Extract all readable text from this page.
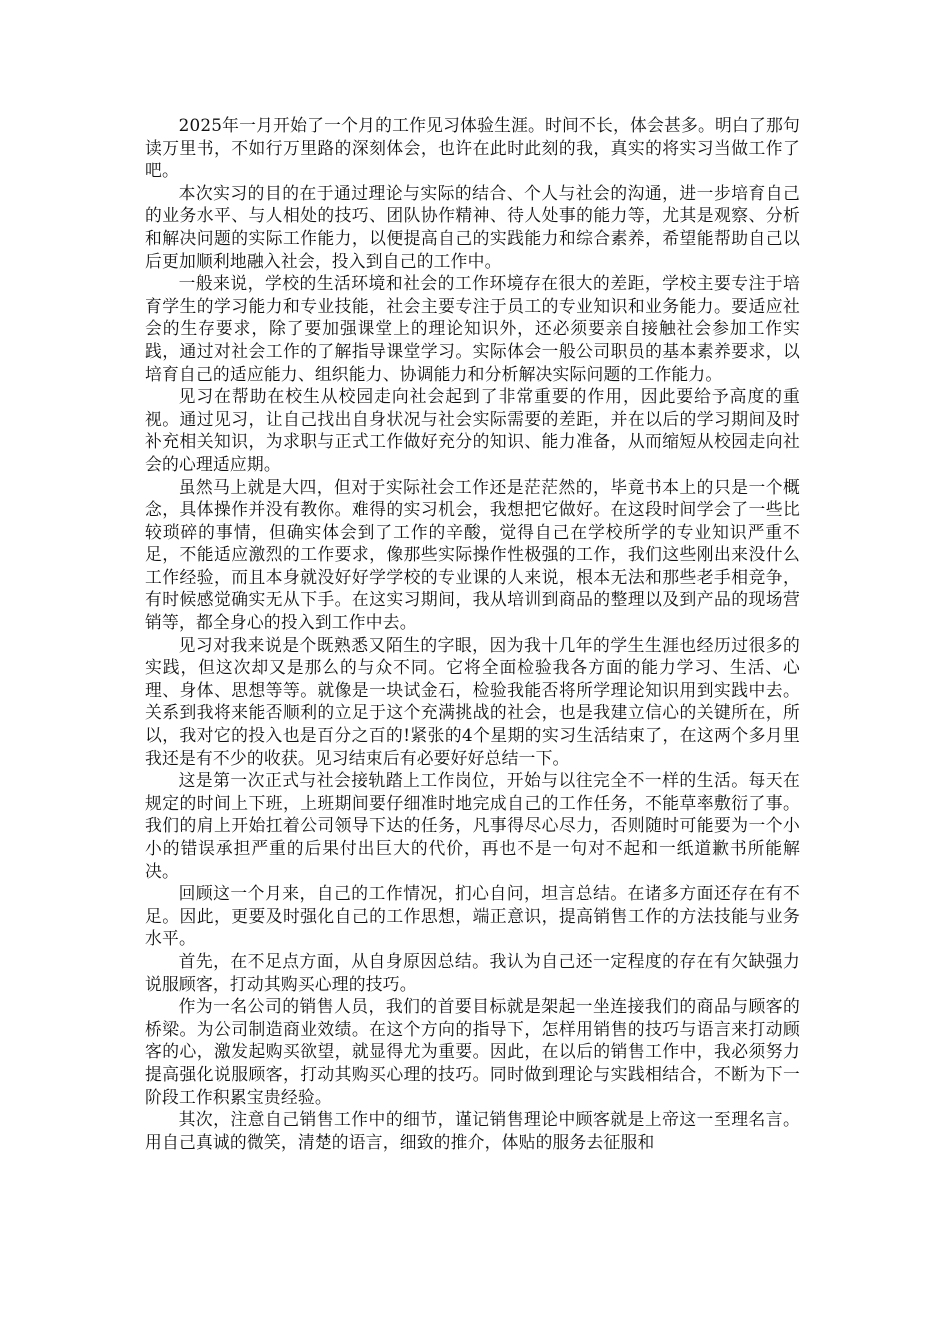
2025年一月开始了一个月的工作见习体验生涯。时间不长，体会甚多。明白了那句读万里书，不如行万里路的深刻体会，也许在此时此刻的我，真实的将实习当做工作了吧。

本次实习的目的在于通过理论与实际的结合、个人与社会的沟通，进一步培育自己的业务水平、与人相处的技巧、团队协作精神、待人处事的能力等，尤其是观察、分析和解决问题的实际工作能力，以便提高自己的实践能力和综合素养，希望能帮助自己以后更加顺利地融入社会，投入到自己的工作中。

一般来说，学校的生活环境和社会的工作环境存在很大的差距，学校主要专注于培育学生的学习能力和专业技能，社会主要专注于员工的专业知识和业务能力。要适应社会的生存要求，除了要加强课堂上的理论知识外，还必须要亲自接触社会参加工作实践，通过对社会工作的了解指导课堂学习。实际体会一般公司职员的基本素养要求，以培育自己的适应能力、组织能力、协调能力和分析解决实际问题的工作能力。

见习在帮助在校生从校园走向社会起到了非常重要的作用，因此要给予高度的重视。通过见习，让自己找出自身状况与社会实际需要的差距，并在以后的学习期间及时补充相关知识，为求职与正式工作做好充分的知识、能力准备，从而缩短从校园走向社会的心理适应期。

虽然马上就是大四，但对于实际社会工作还是茫茫然的，毕竟书本上的只是一个概念，具体操作并没有教你。难得的实习机会，我想把它做好。在这段时间学会了一些比较琐碎的事情，但确实体会到了工作的辛酸，觉得自己在学校所学的专业知识严重不足，不能适应激烈的工作要求，像那些实际操作性极强的工作，我们这些刚出来没什么工作经验，而且本身就没好好学学校的专业课的人来说，根本无法和那些老手相竞争，有时候感觉确实无从下手。在这实习期间，我从培训到商品的整理以及到产品的现场营销等，都全身心的投入到工作中去。

见习对我来说是个既熟悉又陌生的字眼，因为我十几年的学生生涯也经历过很多的实践，但这次却又是那么的与众不同。它将全面检验我各方面的能力学习、生活、心理、身体、思想等等。就像是一块试金石，检验我能否将所学理论知识用到实践中去。关系到我将来能否顺利的立足于这个充满挑战的社会，也是我建立信心的关键所在，所以，我对它的投入也是百分之百的!紧张的4个星期的实习生活结束了，在这两个多月里我还是有不少的收获。见习结束后有必要好好总结一下。

这是第一次正式与社会接轨踏上工作岗位，开始与以往完全不一样的生活。每天在规定的时间上下班，上班期间要仔细准时地完成自己的工作任务，不能草率敷衍了事。我们的肩上开始扛着公司领导下达的任务，凡事得尽心尽力，否则随时可能要为一个小小的错误承担严重的后果付出巨大的代价，再也不是一句对不起和一纸道歉书所能解决。

回顾这一个月来，自己的工作情况，扪心自问，坦言总结。在诸多方面还存在有不足。因此，更要及时强化自己的工作思想，端正意识，提高销售工作的方法技能与业务水平。

首先，在不足点方面，从自身原因总结。我认为自己还一定程度的存在有欠缺强力说服顾客，打动其购买心理的技巧。

作为一名公司的销售人员，我们的首要目标就是架起一坐连接我们的商品与顾客的桥梁。为公司制造商业效绩。在这个方向的指导下，怎样用销售的技巧与语言来打动顾客的心，激发起购买欲望，就显得尤为重要。因此，在以后的销售工作中，我必须努力提高强化说服顾客，打动其购买心理的技巧。同时做到理论与实践相结合，不断为下一阶段工作积累宝贵经验。

其次，注意自己销售工作中的细节，谨记销售理论中顾客就是上帝这一至理名言。用自己真诚的微笑，清楚的语言，细致的推介，体贴的服务去征服和
